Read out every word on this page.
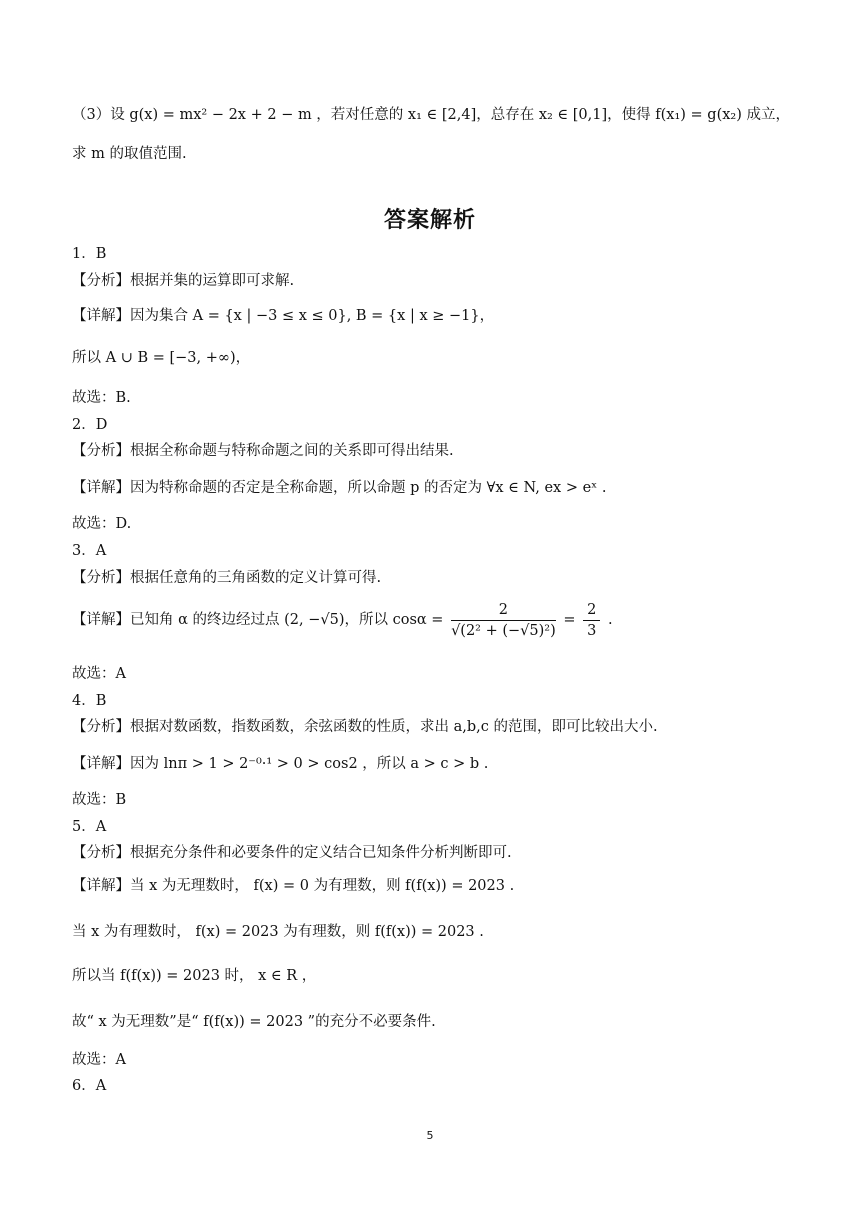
（3）设 g(x) = mx² − 2x + 2 − m ，若对任意的 x₁ ∈ [2,4]，总存在 x₂ ∈ [0,1]，使得 f(x₁) = g(x₂) 成立，
求 m 的取值范围.
答案解析
1．B
【分析】根据并集的运算即可求解.
【详解】因为集合 A = {x | −3 ≤ x ≤ 0}, B = {x | x ≥ −1}，
所以 A ∪ B = [−3, +∞)，
故选：B.
2．D
【分析】根据全称命题与特称命题之间的关系即可得出结果.
【详解】因为特称命题的否定是全称命题，所以命题 p 的否定为 ∀x ∈ N, ex > eˣ .
故选：D.
3．A
【分析】根据任意角的三角函数的定义计算可得.
【详解】已知角 α 的终边经过点 (2, −√5)，所以 $\cos\alpha = \frac{2}{\text{√(2² + (−√5)²)}} = \frac{2}{3}$ .
故选：A
4．B
【分析】根据对数函数，指数函数，余弦函数的性质，求出 a,b,c 的范围，即可比较出大小.
【详解】因为 lnπ > 1 > 2⁻⁰·¹ > 0 > cos2 ，所以 a > c > b .
故选：B
5．A
【分析】根据充分条件和必要条件的定义结合已知条件分析判断即可.
【详解】当 x 为无理数时， f(x) = 0 为有理数，则 f(f(x)) = 2023 .
当 x 为有理数时， f(x) = 2023 为有理数，则 f(f(x)) = 2023 .
所以当 f(f(x)) = 2023 时， x ∈ R ，
故“ x 为无理数”是“ f(f(x)) = 2023 ”的充分不必要条件.
故选：A
6．A
5
